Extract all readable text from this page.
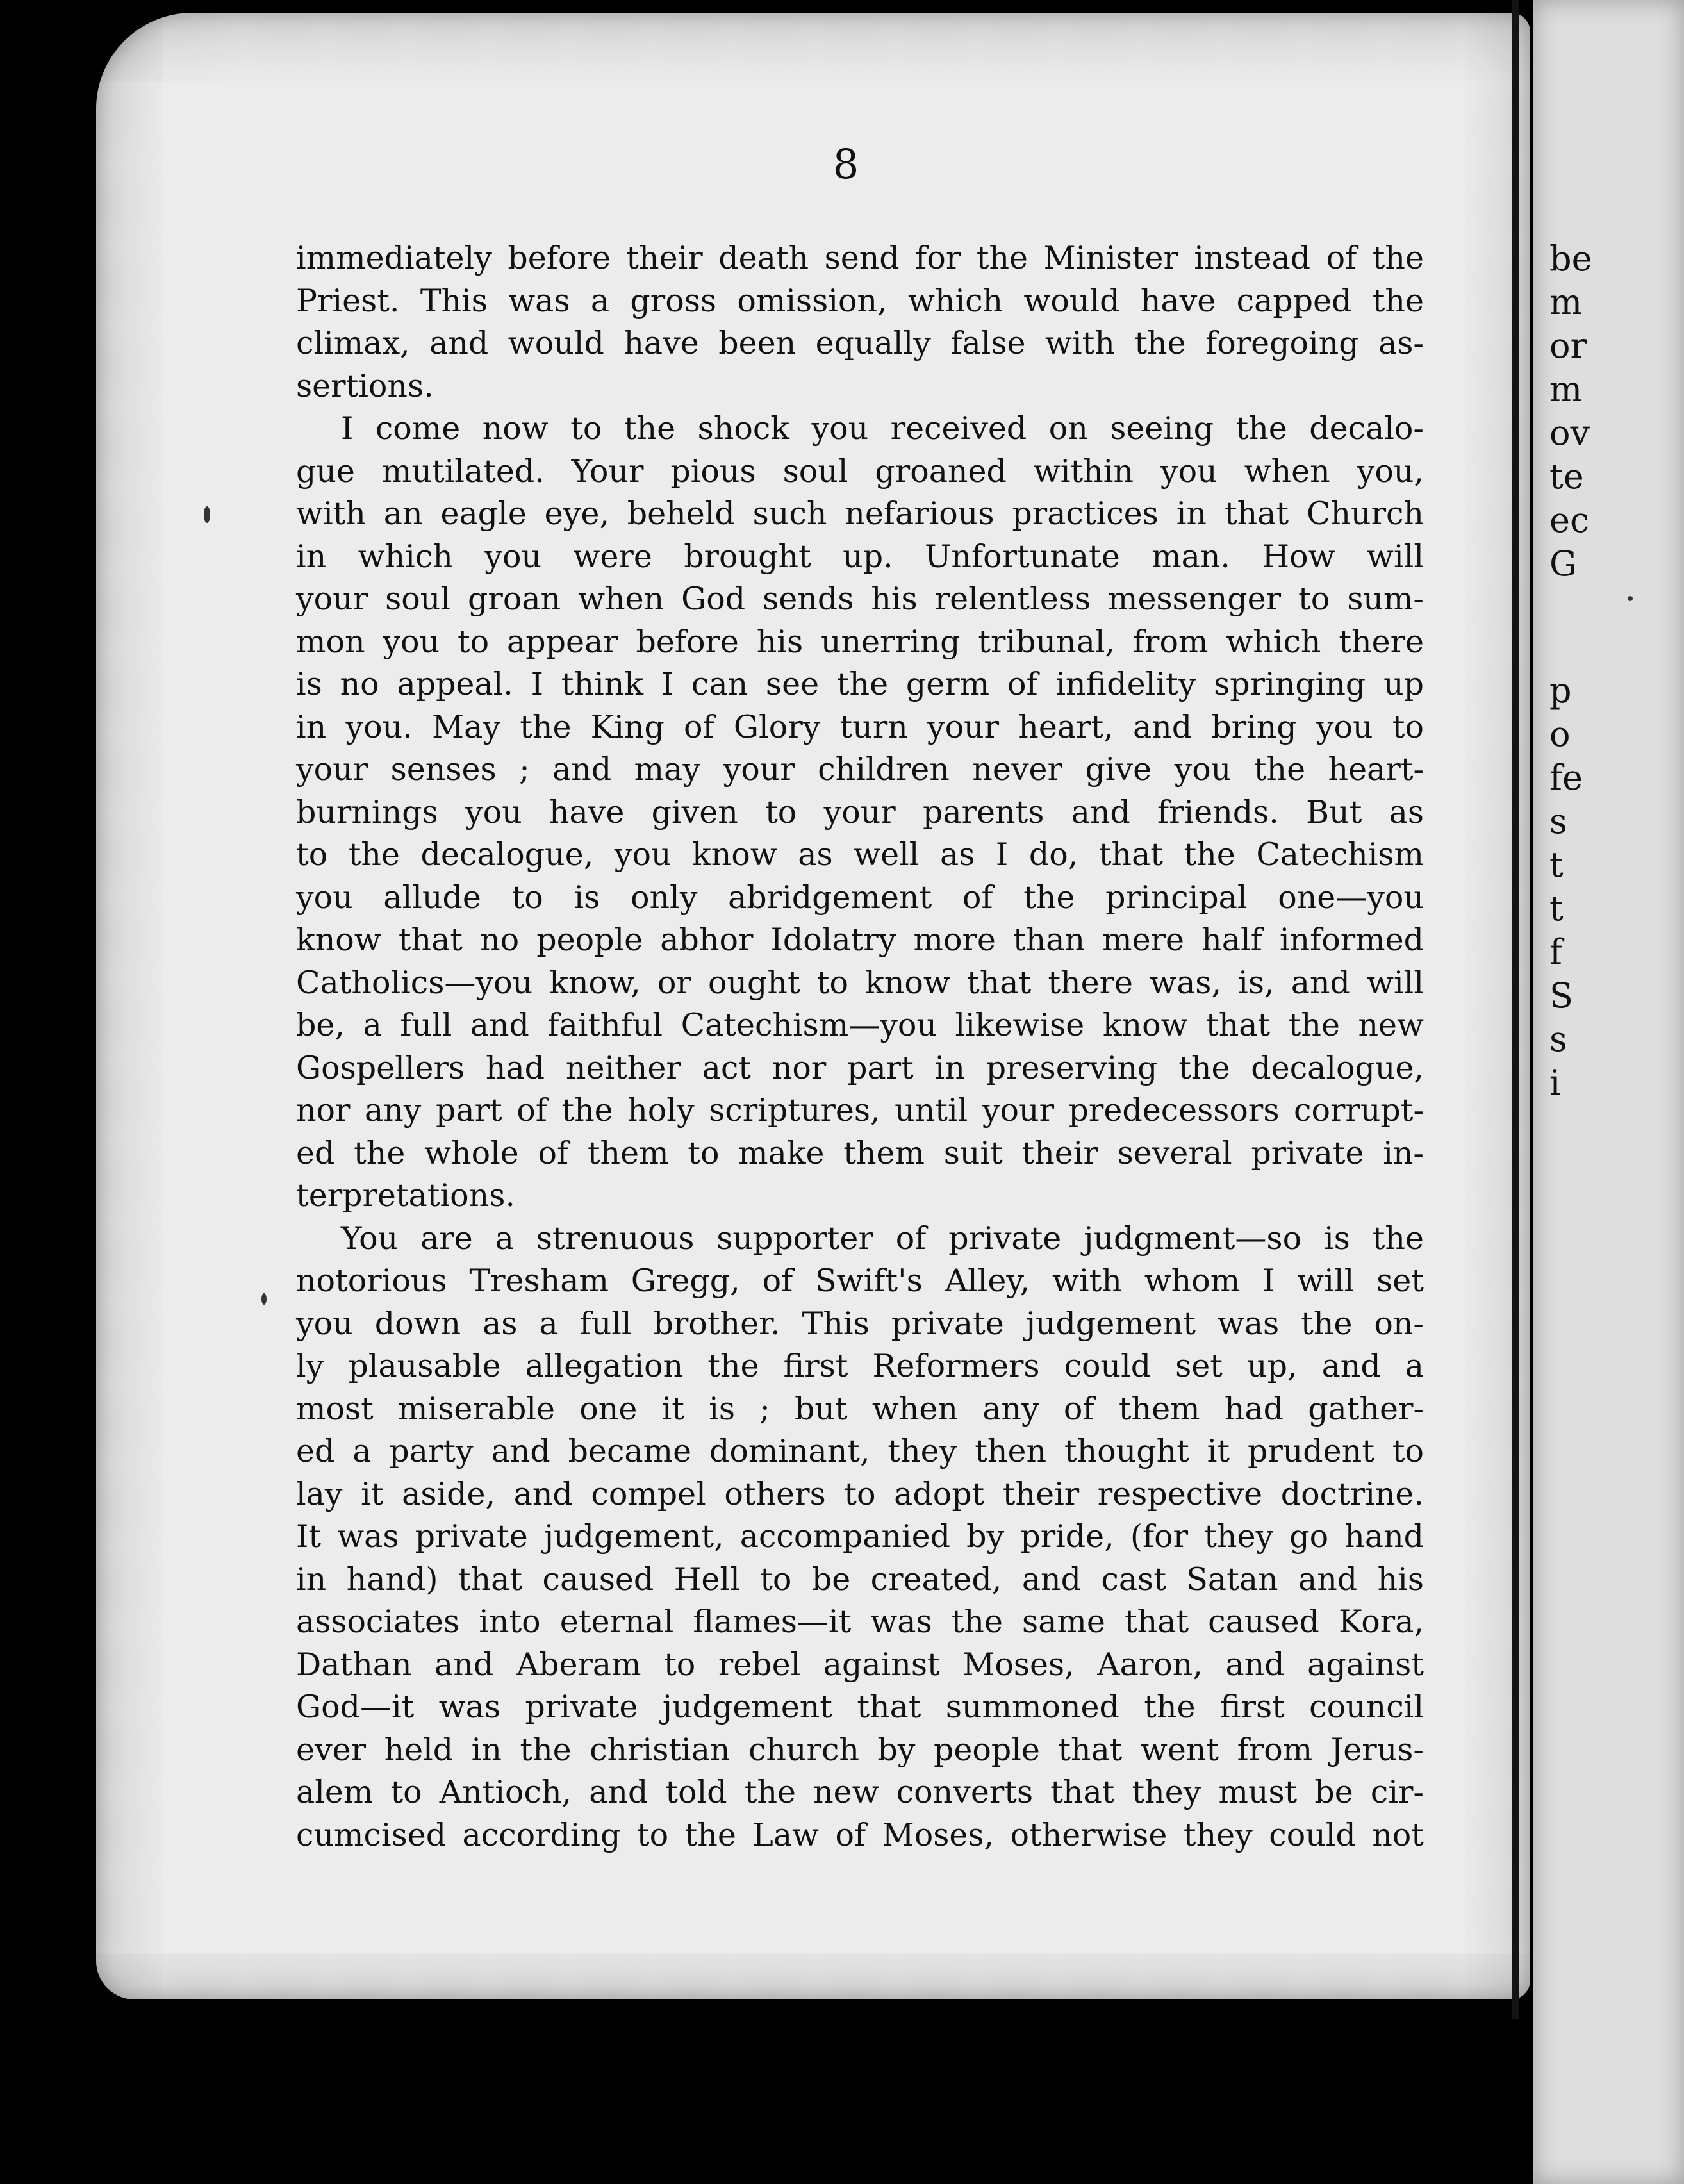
8
immediately before their death send for the Minister instead of the
Priest. This was a gross omission, which would have capped the
climax, and would have been equally false with the foregoing as-
sertions.
I come now to the shock you received on seeing the decalo-
gue mutilated. Your pious soul groaned within you when you,
with an eagle eye, beheld such nefarious practices in that Church
in which you were brought up. Unfortunate man. How will
your soul groan when God sends his relentless messenger to sum-
mon you to appear before his unerring tribunal, from which there
is no appeal. I think I can see the germ of infidelity springing up
in you. May the King of Glory turn your heart, and bring you to
your senses ; and may your children never give you the heart-
burnings you have given to your parents and friends. But as
to the decalogue, you know as well as I do, that the Catechism
you allude to is only abridgement of the principal one—you
know that no people abhor Idolatry more than mere half informed
Catholics—you know, or ought to know that there was, is, and will
be, a full and faithful Catechism—you likewise know that the new
Gospellers had neither act nor part in preserving the decalogue,
nor any part of the holy scriptures, until your predecessors corrupt-
ed the whole of them to make them suit their several private in-
terpretations.
You are a strenuous supporter of private judgment—so is the
notorious Tresham Gregg, of Swift's Alley, with whom I will set
you down as a full brother. This private judgement was the on-
ly plausable allegation the first Reformers could set up, and a
most miserable one it is ; but when any of them had gather-
ed a party and became dominant, they then thought it prudent to
lay it aside, and compel others to adopt their respective doctrine.
It was private judgement, accompanied by pride, (for they go hand
in hand) that caused Hell to be created, and cast Satan and his
associates into eternal flames—it was the same that caused Kora,
Dathan and Aberam to rebel against Moses, Aaron, and against
God—it was private judgement that summoned the first council
ever held in the christian church by people that went from Jerus-
alem to Antioch, and told the new converts that they must be cir-
cumcised according to the Law of Moses, otherwise they could not
be
m
or
m
ov
te
ec
G
p
o
fe
s
t
t
f
S
s
i
